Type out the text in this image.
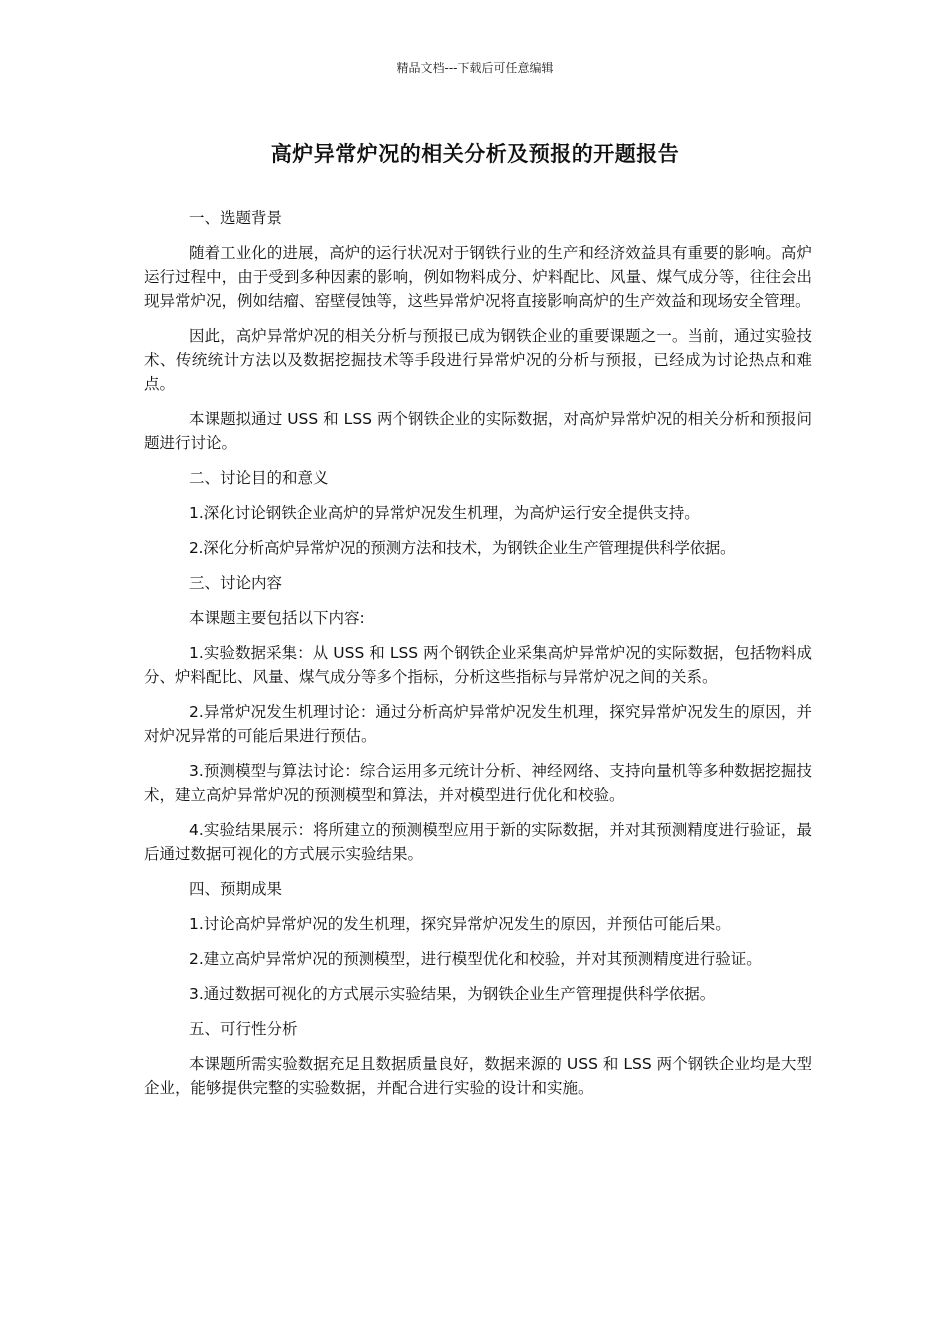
精品文档---下载后可任意编辑
高炉异常炉况的相关分析及预报的开题报告

一、选题背景

随着工业化的进展，高炉的运行状况对于钢铁行业的生产和经济效益具有重要的影响。高炉运行过程中，由于受到多种因素的影响，例如物料成分、炉料配比、风量、煤气成分等，往往会出现异常炉况，例如结瘤、窑壁侵蚀等，这些异常炉况将直接影响高炉的生产效益和现场安全管理。

因此，高炉异常炉况的相关分析与预报已成为钢铁企业的重要课题之一。当前，通过实验技术、传统统计方法以及数据挖掘技术等手段进行异常炉况的分析与预报，已经成为讨论热点和难点。

本课题拟通过 USS 和 LSS 两个钢铁企业的实际数据，对高炉异常炉况的相关分析和预报问题进行讨论。

二、讨论目的和意义

1.深化讨论钢铁企业高炉的异常炉况发生机理，为高炉运行安全提供支持。

2.深化分析高炉异常炉况的预测方法和技术，为钢铁企业生产管理提供科学依据。

三、讨论内容

本课题主要包括以下内容:

1.实验数据采集：从 USS 和 LSS 两个钢铁企业采集高炉异常炉况的实际数据，包括物料成分、炉料配比、风量、煤气成分等多个指标，分析这些指标与异常炉况之间的关系。

2.异常炉况发生机理讨论：通过分析高炉异常炉况发生机理，探究异常炉况发生的原因，并对炉况异常的可能后果进行预估。

3.预测模型与算法讨论：综合运用多元统计分析、神经网络、支持向量机等多种数据挖掘技术，建立高炉异常炉况的预测模型和算法，并对模型进行优化和校验。

4.实验结果展示：将所建立的预测模型应用于新的实际数据，并对其预测精度进行验证，最后通过数据可视化的方式展示实验结果。

四、预期成果

1.讨论高炉异常炉况的发生机理，探究异常炉况发生的原因，并预估可能后果。

2.建立高炉异常炉况的预测模型，进行模型优化和校验，并对其预测精度进行验证。

3.通过数据可视化的方式展示实验结果，为钢铁企业生产管理提供科学依据。

五、可行性分析

本课题所需实验数据充足且数据质量良好，数据来源的 USS 和 LSS 两个钢铁企业均是大型企业，能够提供完整的实验数据，并配合进行实验的设计和实施。
